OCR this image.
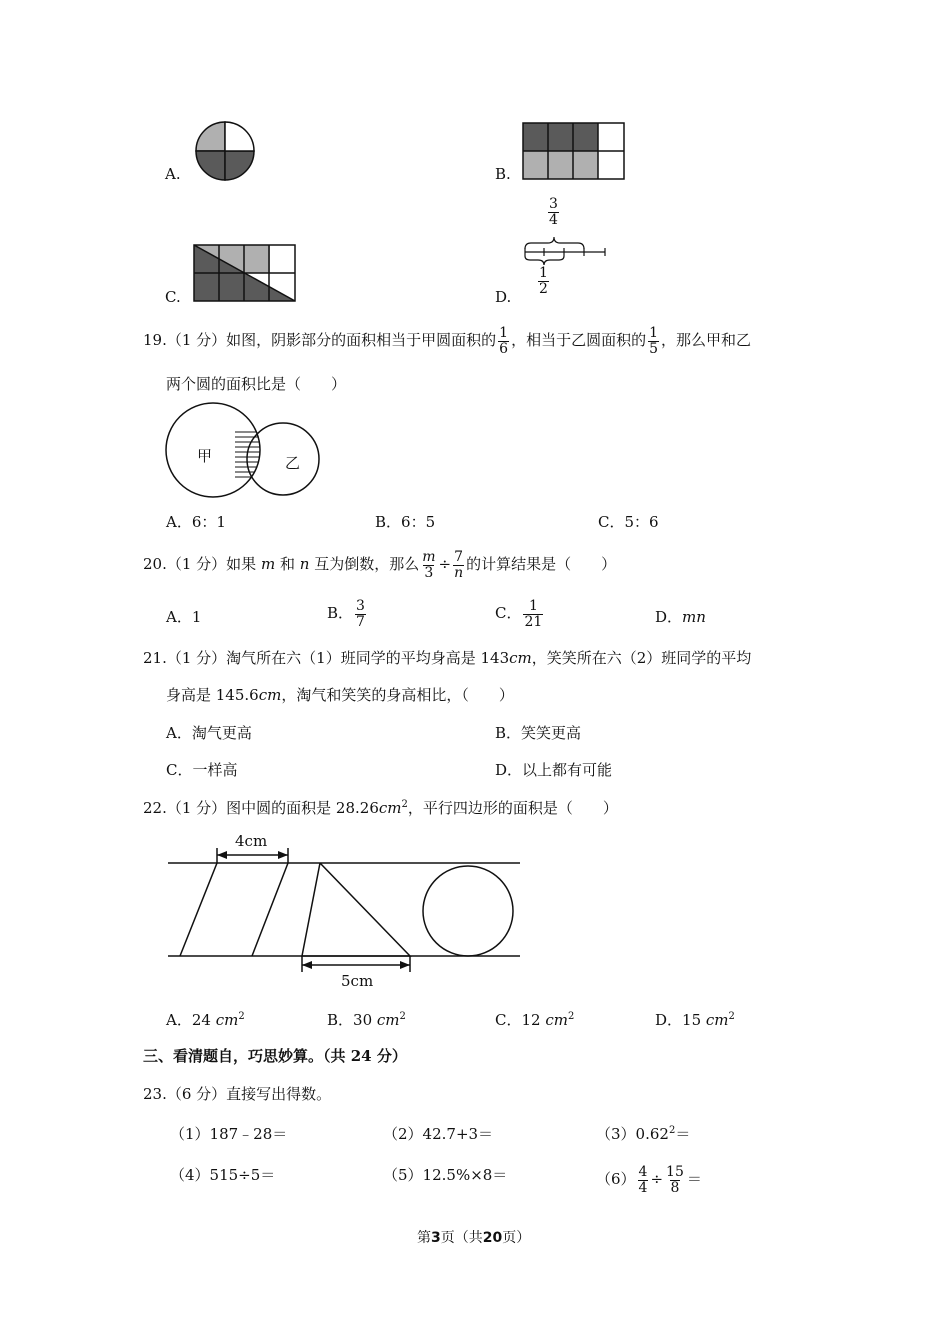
A.	B.
C.	D.
$\frac{3}{4}$
$\frac{1}{2}$
19.（1 分）如图，阴影部分的面积相当于甲圆面积的 $\frac{1}{6}$ ，相当于乙圆面积的 $\frac{1}{5}$ ，那么甲和乙
两个圆的面积比是（　　）
甲	乙
A．6：1	B．6：5	C．5：6
20.（1 分）如果 m 和 n 互为倒数，那么 $\frac{m}{3} \div \frac{7}{n}$ 的计算结果是（　　）
A．1	B． $\frac{3}{7}$	C． $\frac{1}{21}$	D．mn
21.（1 分）淘气所在六（1）班同学的平均身高是 143cm，笑笑所在六（2）班同学的平均
身高是 145.6cm，淘气和笑笑的身高相比，（　　）
A．淘气更高	B．笑笑更高
C．一样高	D．以上都有可能
22.（1 分）图中圆的面积是 $28.26cm^2$，平行四边形的面积是（　　）
4cm
5cm
A．24 $cm^2$	B．30 $cm^2$	C．12 $cm^2$	D．15 $cm^2$
三、看清题自，巧思妙算。（共 24 分）
23.（6 分）直接写出得数。
（1）187﹣28＝	（2）42.7+3＝	$(3)0.62^2=$
（4）515÷5＝	（5）12.5%×8＝	$(6) \frac{4}{4} \div \frac{15}{8}$ ＝
第3页（共20页）
